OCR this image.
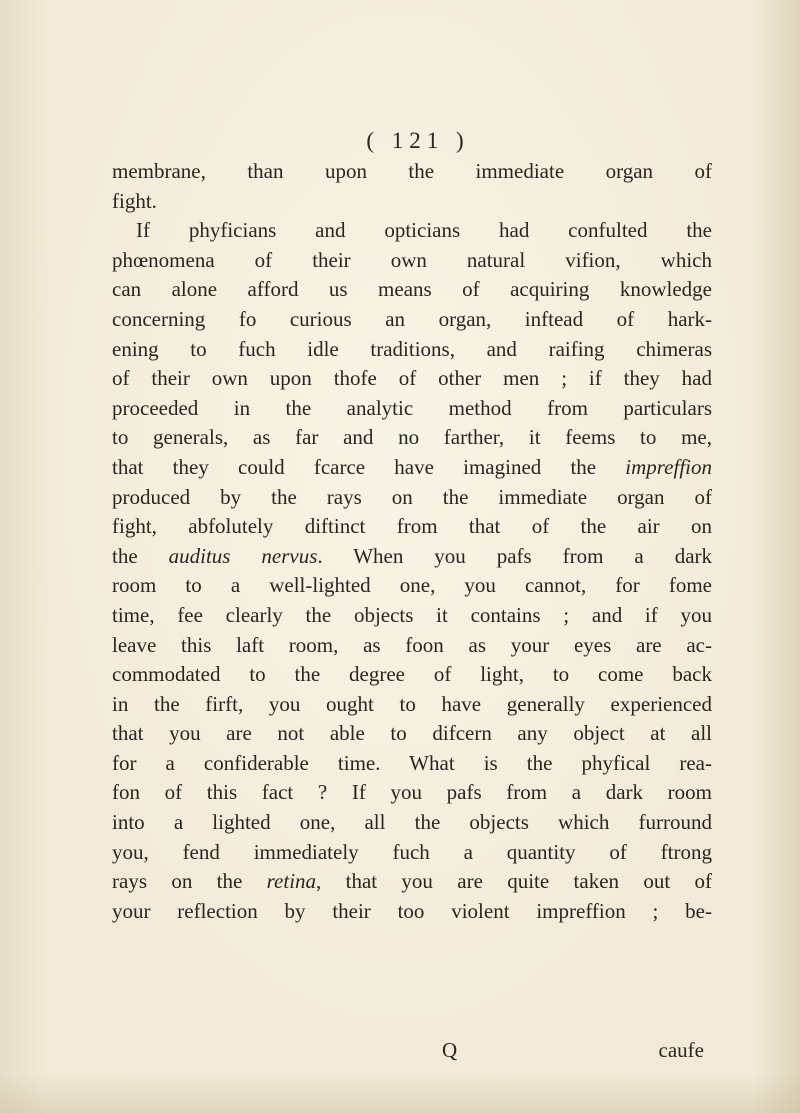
( 121 )
membrane, than upon the immediate organ of
fight.
If phyficians and opticians had confulted the
phœnomena of their own natural vifion, which
can alone afford us means of acquiring knowledge
concerning fo curious an organ, inftead of hark-
ening to fuch idle traditions, and raifing chimeras
of their own upon thofe of other men ; if they had
proceeded in the analytic method from particulars
to generals, as far and no farther, it feems to me,
that they could fcarce have imagined the impreffion
produced by the rays on the immediate organ of
fight, abfolutely diftinct from that of the air on
the auditus nervus. When you pafs from a dark
room to a well-lighted one, you cannot, for fome
time, fee clearly the objects it contains ; and if you
leave this laft room, as foon as your eyes are ac-
commodated to the degree of light, to come back
in the firft, you ought to have generally experienced
that you are not able to difcern any object at all
for a confiderable time. What is the phyfical rea-
fon of this fact ? If you pafs from a dark room
into a lighted one, all the objects which furround
you, fend immediately fuch a quantity of ftrong
rays on the retina, that you are quite taken out of
your reflection by their too violent impreffion ; be-
Q	caufe
